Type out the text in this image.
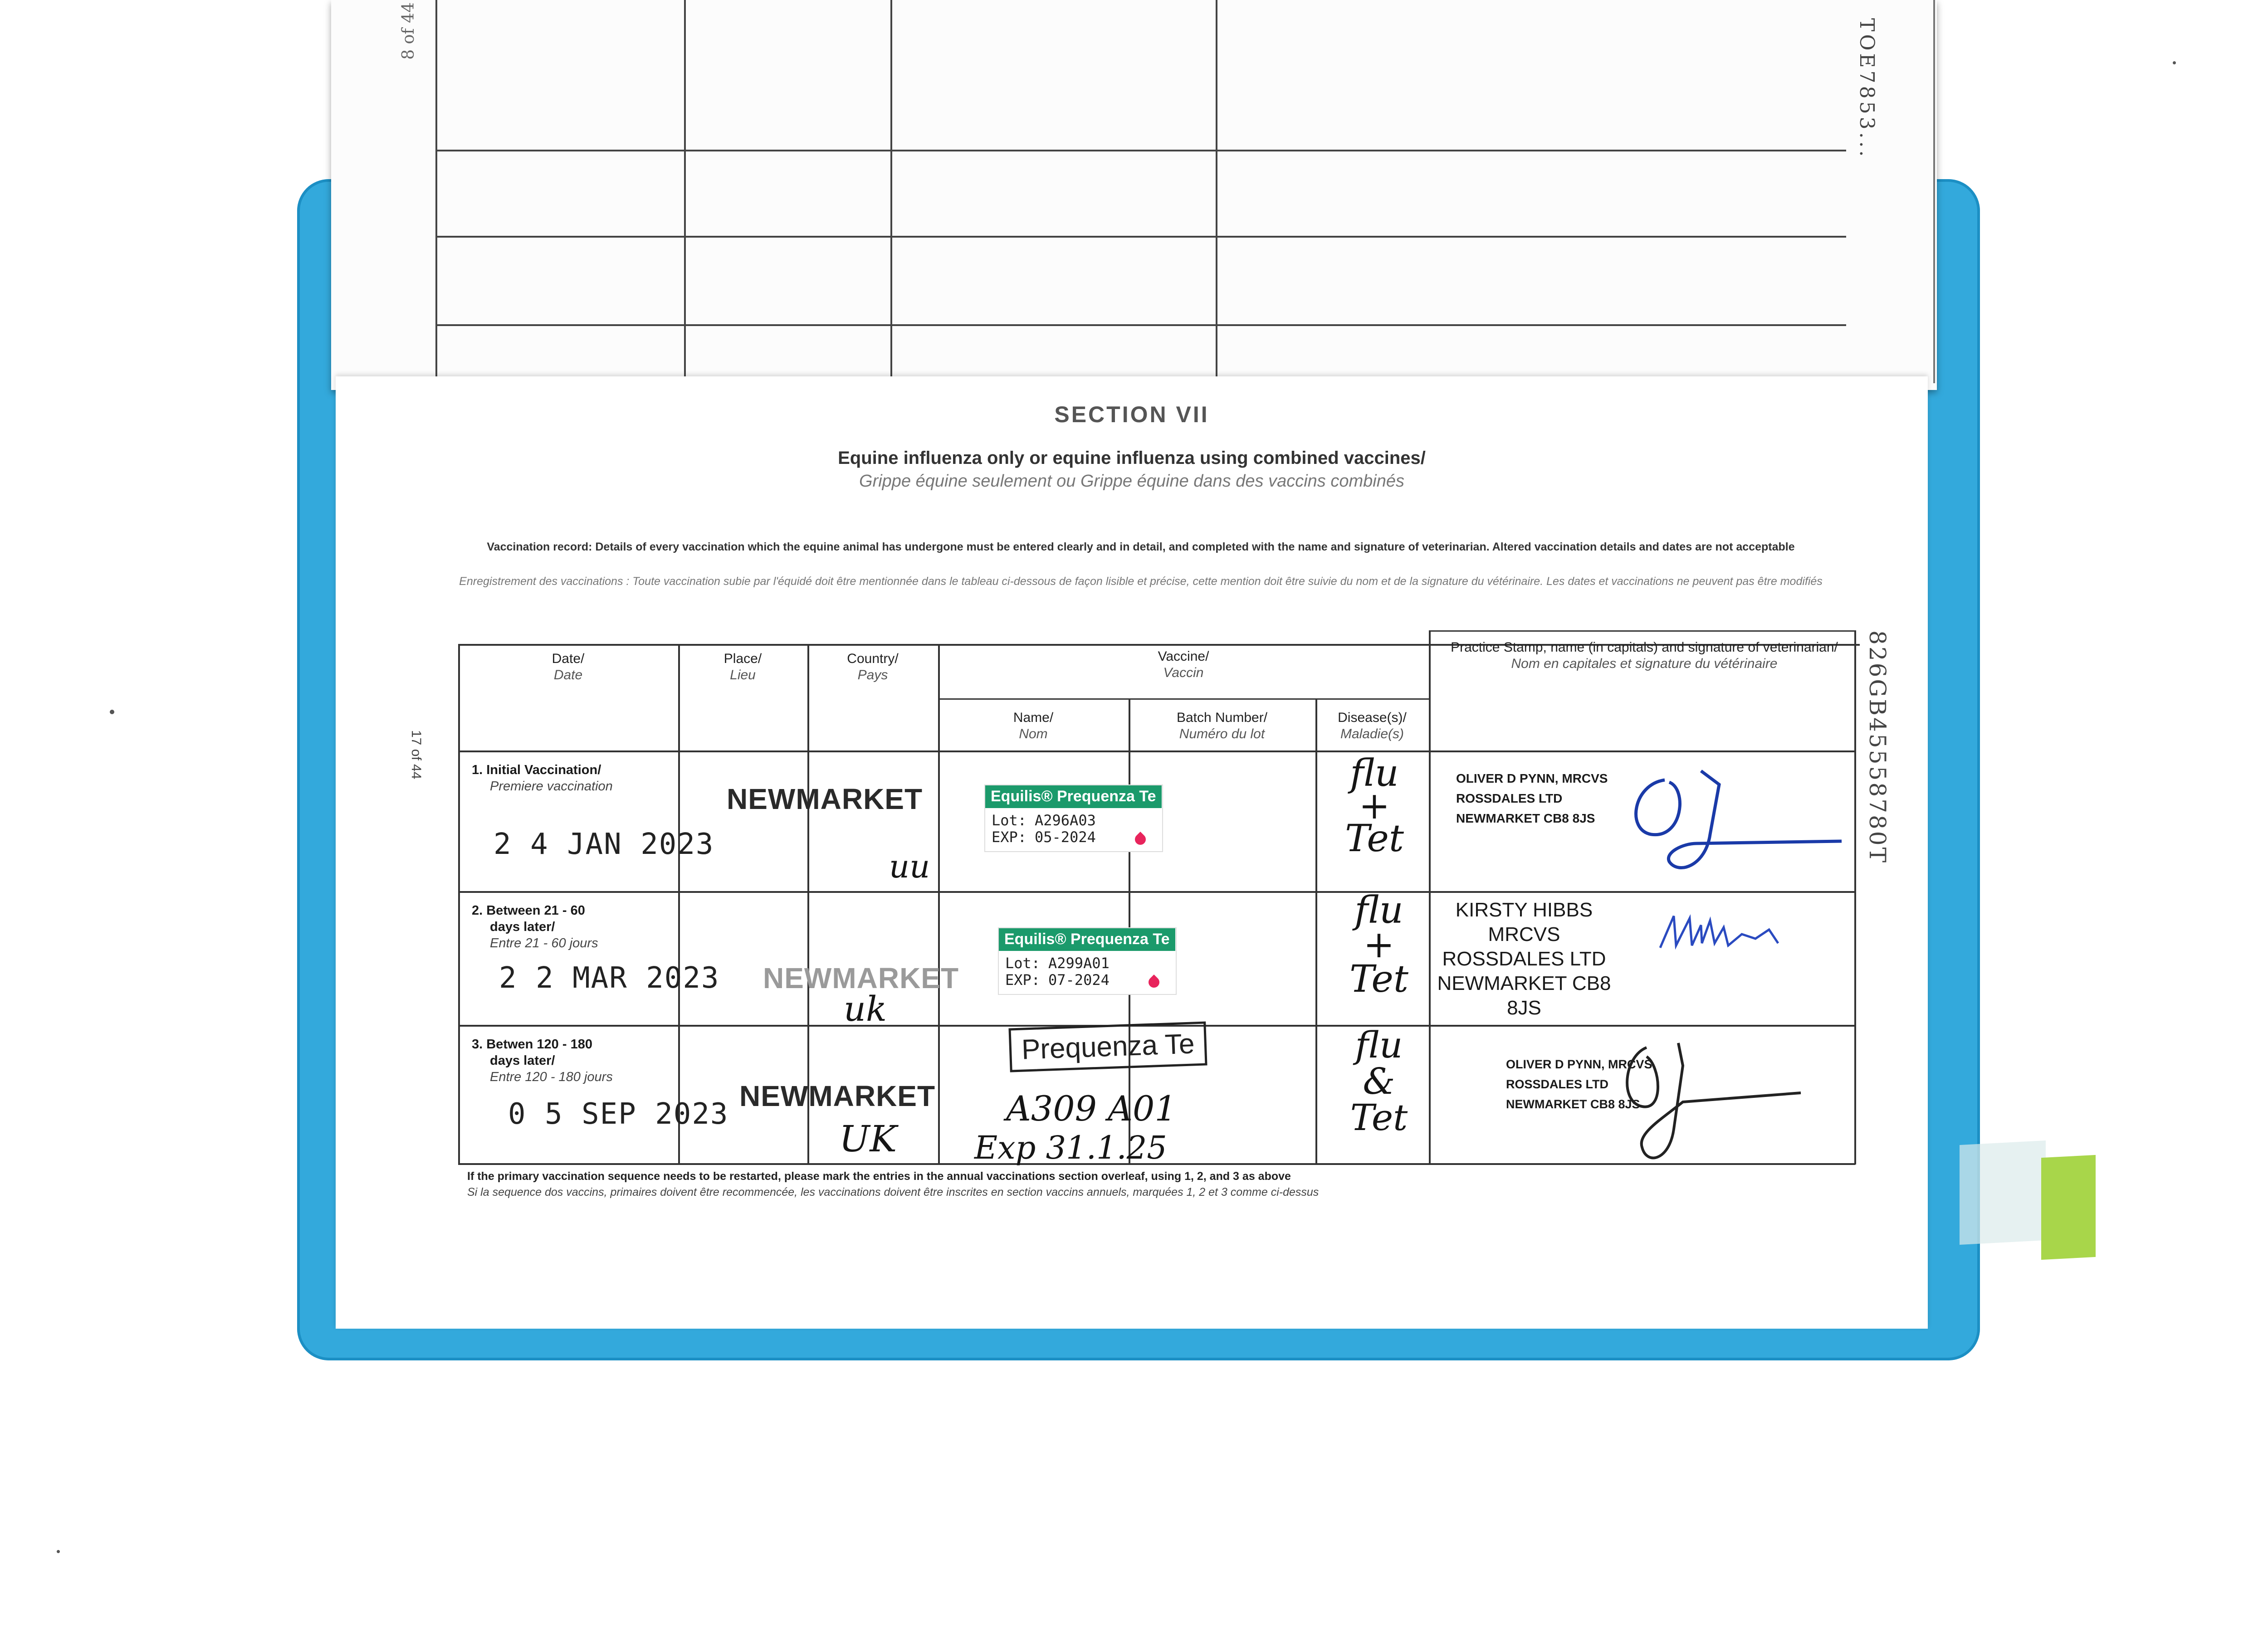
8 of 44	TOE7853...
SECTION VII
Equine influenza only or equine influenza using combined vaccines/
Grippe équine seulement ou Grippe équine dans des vaccins combinés
Vaccination record: Details of every vaccination which the equine animal has undergone must be entered clearly and in detail, and completed with the name and signature of veterinarian. Altered vaccination details and dates are not acceptable
Enregistrement des vaccinations : Toute vaccination subie par l'équidé doit être mentionnée dans le tableau ci-dessous de façon lisible et précise, cette mention doit être suivie du nom et de la signature du vétérinaire. Les dates et vaccinations ne peuvent pas être modifiés
17 of 44	826GB45558780T
Date/
Date
Place/
Lieu
Country/
Pays
Vaccine/
Vaccin
Name/
Nom
Batch Number/
Numéro du lot
Disease(s)/
Maladie(s)
Practice Stamp, name (in capitals) and signature of veterinarian/
Nom en capitales et signature du vétérinaire
1. Initial Vaccination/
Premiere vaccination
2 4 JAN 2023
NEWMARKET
uu
Equilis® Prequenza Te
Lot: A296A03
EXP: 05-2024
flu
+
Tet
OLIVER D PYNN, MRCVS
ROSSDALES LTD
NEWMARKET CB8 8JS
2. Between 21 - 60
days later/
Entre 21 - 60 jours
2 2 MAR 2023 NEWMARKET
uk
Equilis® Prequenza Te
Lot: A299A01
EXP: 07-2024
flu
+
Tet
KIRSTY HIBBS MRCVS
ROSSDALES LTD
NEWMARKET CB8 8JS
3. Betwen 120 - 180
days later/
Entre 120 - 180 jours
0 5 SEP 2023
NEWMARKET
UK
Prequenza Te
A309 A01
Exp 31.1.25
flu
&
Tet
OLIVER D PYNN, MRCVS
ROSSDALES LTD
NEWMARKET CB8 8JS
If the primary vaccination sequence needs to be restarted, please mark the entries in the annual vaccinations section overleaf, using 1, 2, and 3 as above
Si la sequence dos vaccins, primaires doivent être recommencée, les vaccinations doivent être inscrites en section vaccins annuels, marquées 1, 2 et 3 comme ci-dessus
